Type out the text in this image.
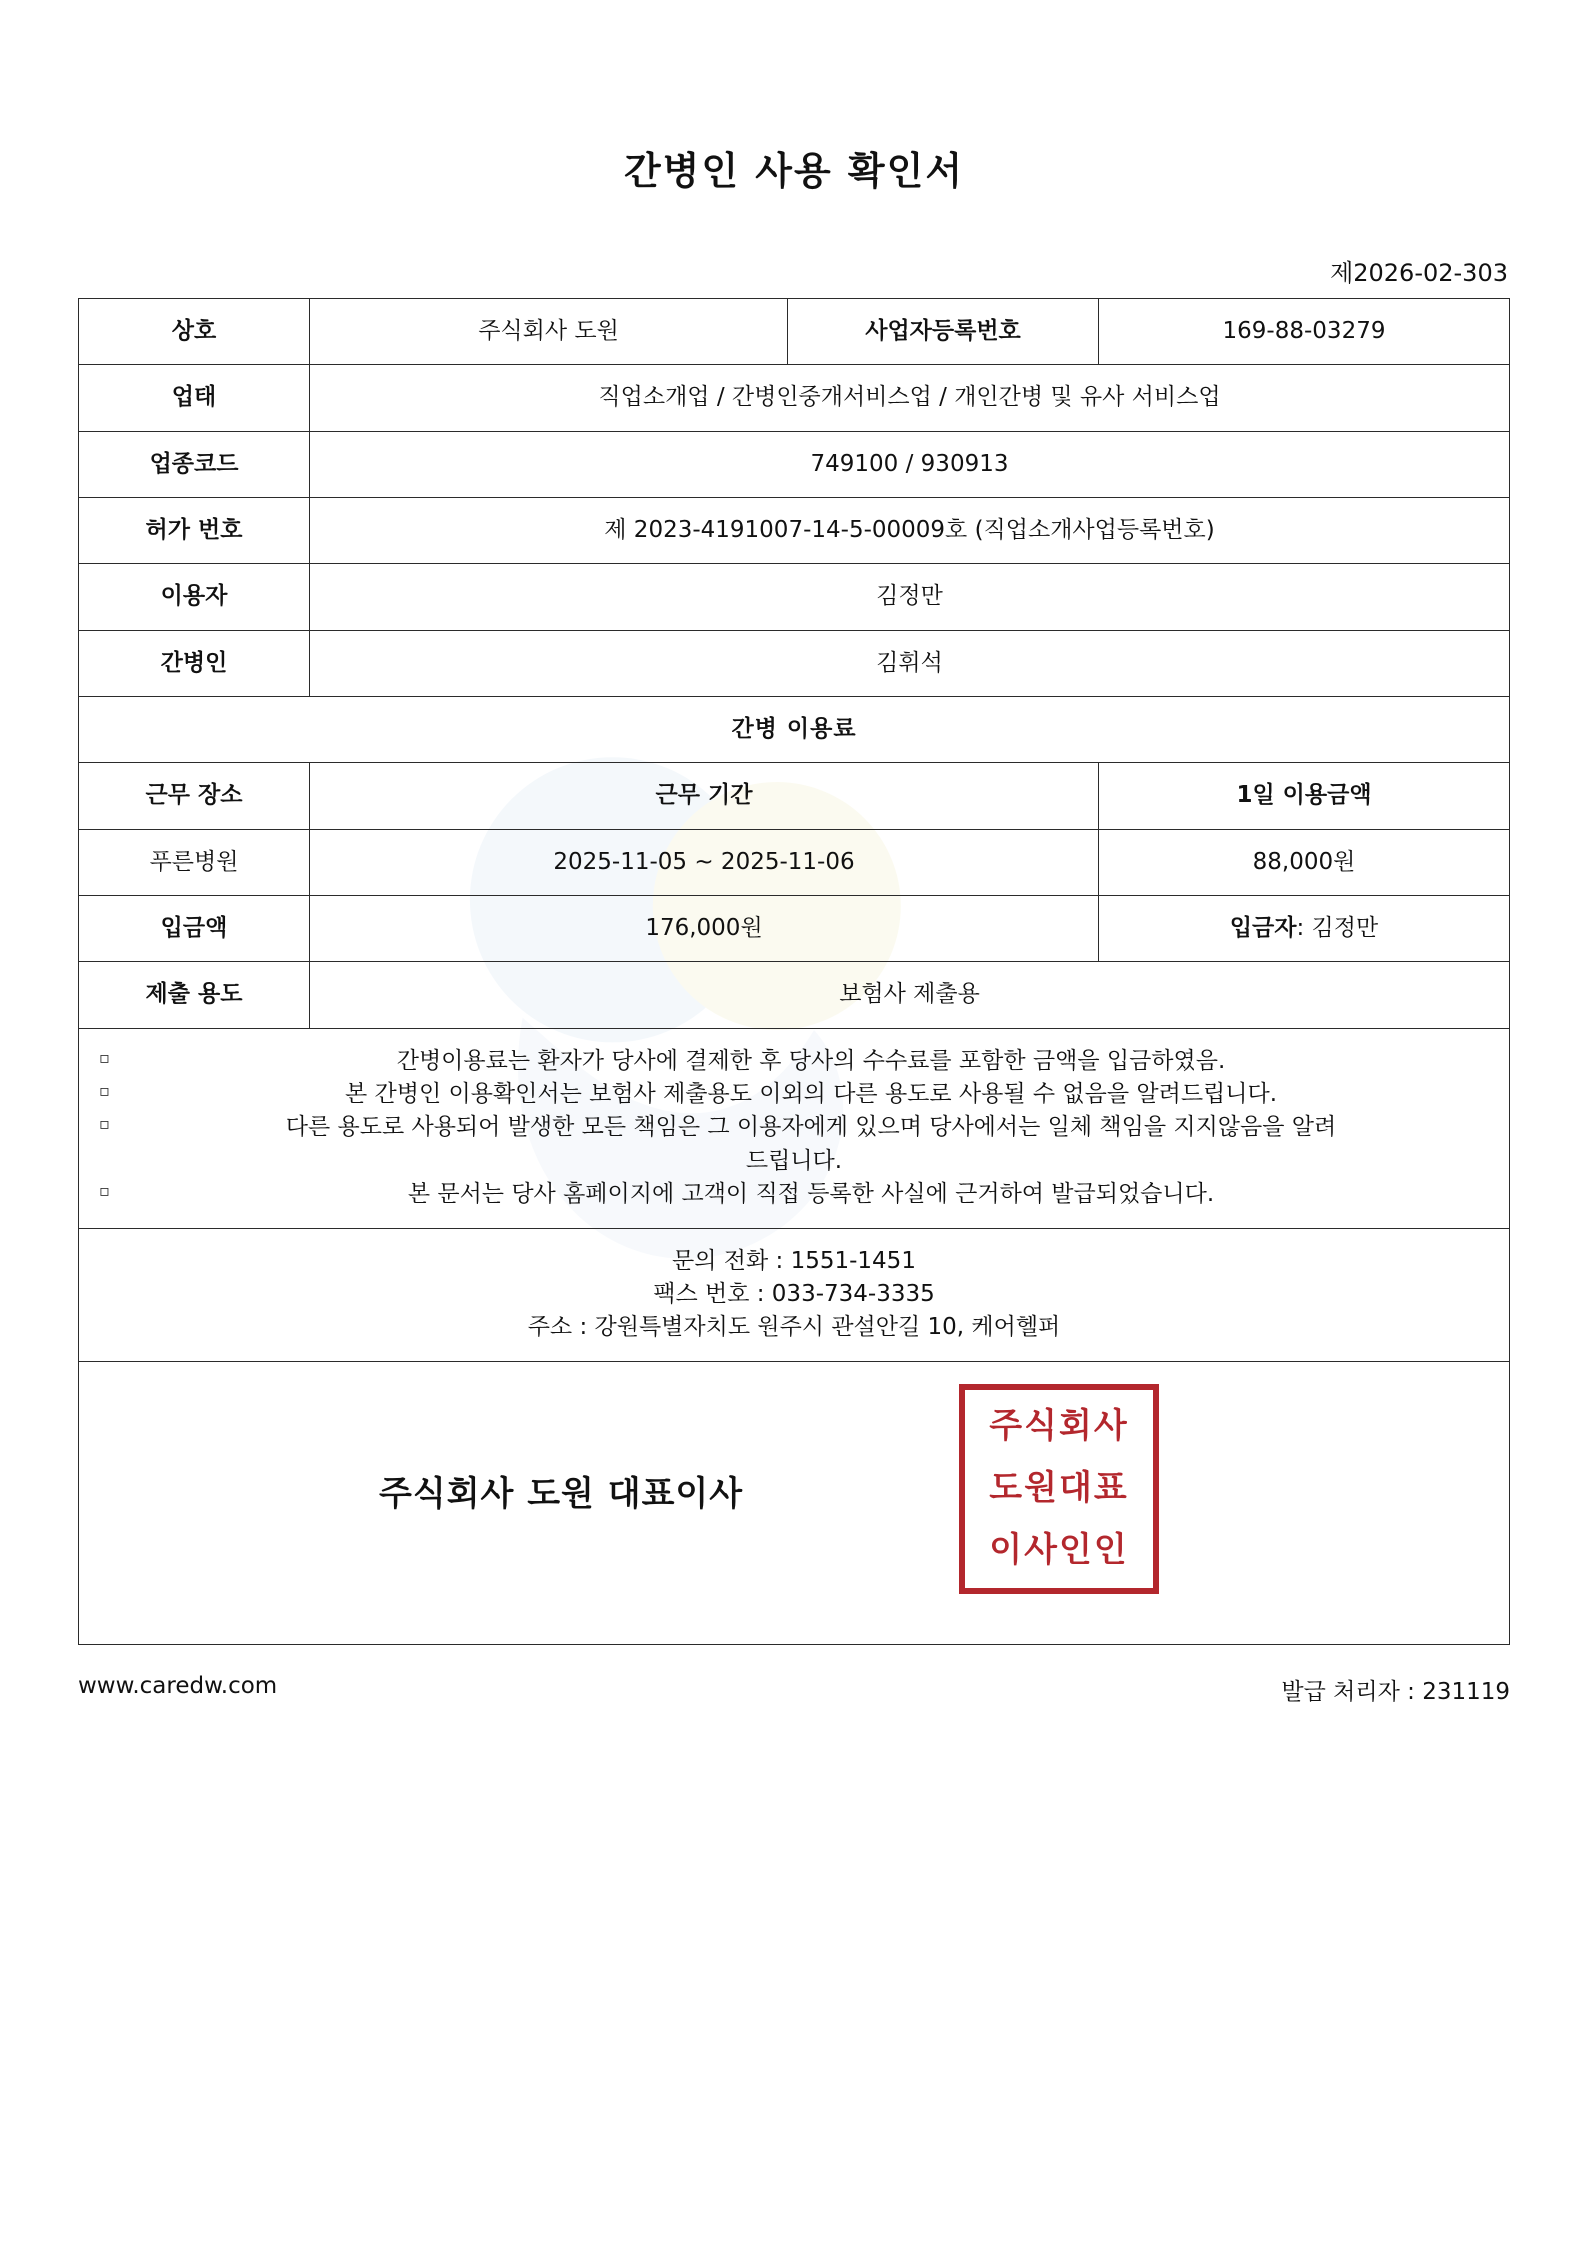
간병인 사용 확인서
제2026-02-303
상호	주식회사 도원	사업자등록번호	169-88-03279
업태	직업소개업 / 간병인중개서비스업 / 개인간병 및 유사 서비스업		
업종코드	749100 / 930913		
허가 번호	제 2023-4191007-14-5-00009호 (직업소개사업등록번호)		
이용자	김정만		
간병인	김휘석		
간병 이용료			
근무 장소	근무 기간		1일 이용금액
푸른병원	2025-11-05 ~ 2025-11-06		88,000원
입금액	176,000원		입금자: 김정만
제출 용도	보험사 제출용		

▫	간병이용료는 환자가 당사에 결제한 후 당사의 수수료를 포함한 금액을 입금하였음.
▫	본 간병인 이용확인서는 보험사 제출용도 이외의 다른 용도로 사용될 수 없음을 알려드립니다.
▫	다른 용도로 사용되어 발생한 모든 책임은 그 이용자에게 있으며 당사에서는 일체 책임을 지지않음을 알려
드립니다.
▫	본 문서는 당사 홈페이지에 고객이 직접 등록한 사실에 근거하여 발급되었습니다.

문의 전화 : 1551-1451
팩스 번호 : 033-734-3335
주소 : 강원특별자치도 원주시 관설안길 10, 케어헬퍼			

주식회사 도원 대표이사
주식회사
도원대표
이사인인			
www.caredw.com	발급 처리자 : 231119
